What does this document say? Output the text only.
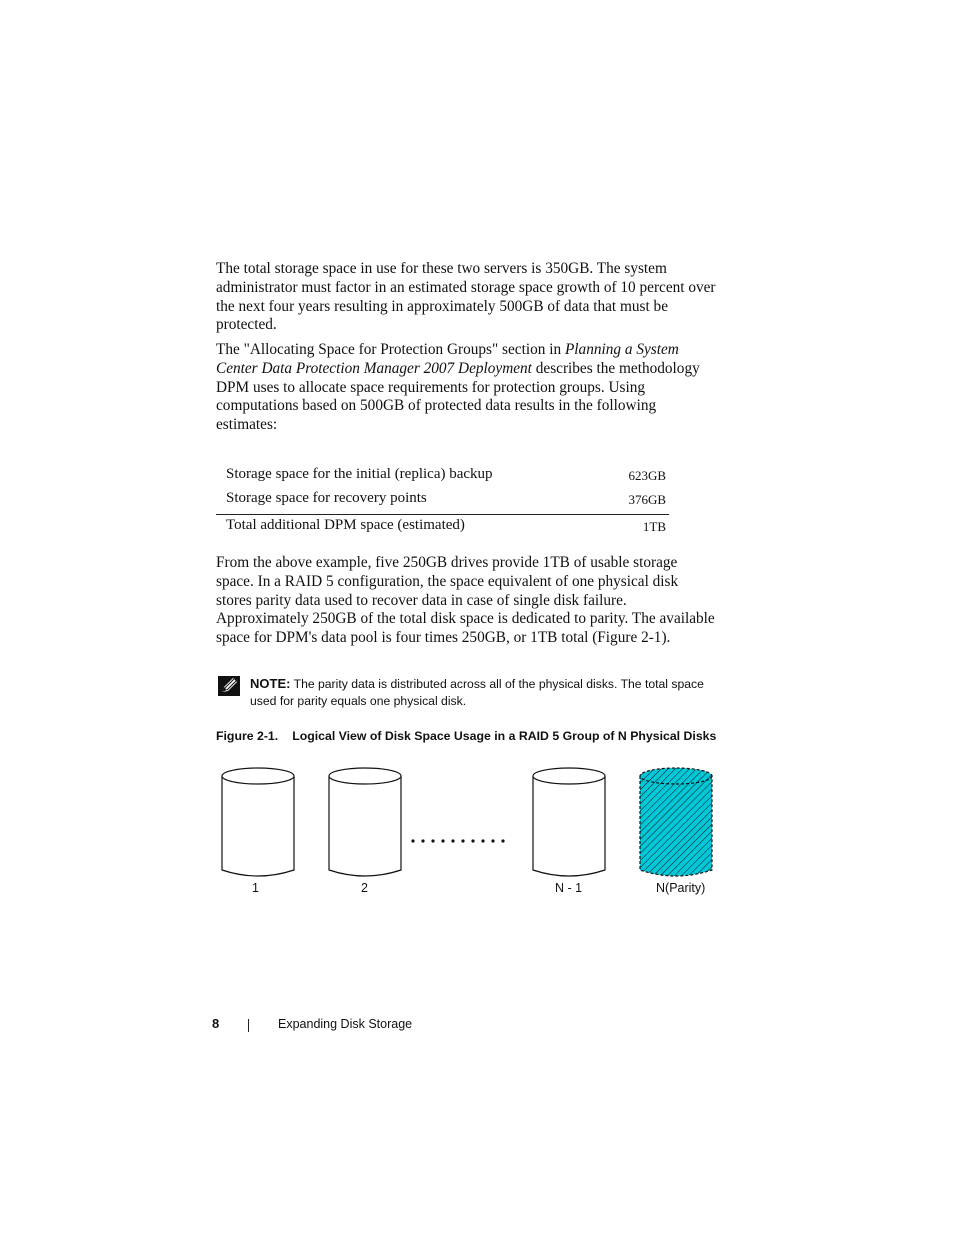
The total storage space in use for these two servers is 350GB. The system administrator must factor in an estimated storage space growth of 10 percent over the next four years resulting in approximately 500GB of data that must be protected.

The "Allocating Space for Protection Groups" section in Planning a System Center Data Protection Manager 2007 Deployment describes the methodology DPM uses to allocate space requirements for protection groups. Using computations based on 500GB of protected data results in the following estimates:

Storage space for the initial (replica) backup	623GB
Storage space for recovery points	376GB
Total additional DPM space (estimated)	1TB

From the above example, five 250GB drives provide 1TB of usable storage space. In a RAID 5 configuration, the space equivalent of one physical disk stores parity data used to recover data in case of single disk failure. Approximately 250GB of the total disk space is dedicated to parity. The available space for DPM's data pool is four times 250GB, or 1TB total (Figure 2-1).

NOTE: The parity data is distributed across all of the physical disks. The total space used for parity equals one physical disk.
Figure 2-1. Logical View of Disk Space Usage in a RAID 5 Group of N Physical Disks
1	2	N - 1	N(Parity)
8	Expanding Disk Storage
